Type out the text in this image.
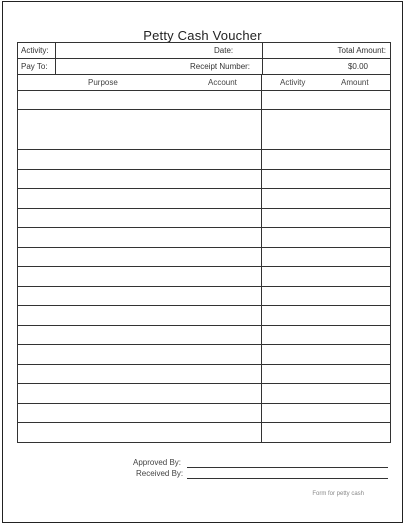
Petty Cash Voucher
Activity:	Date:	Total Amount:
Pay To:	Receipt Number:	$0.00
Purpose	Account	Activity	Amount
Approved By:
Received By:
Form for petty cash
